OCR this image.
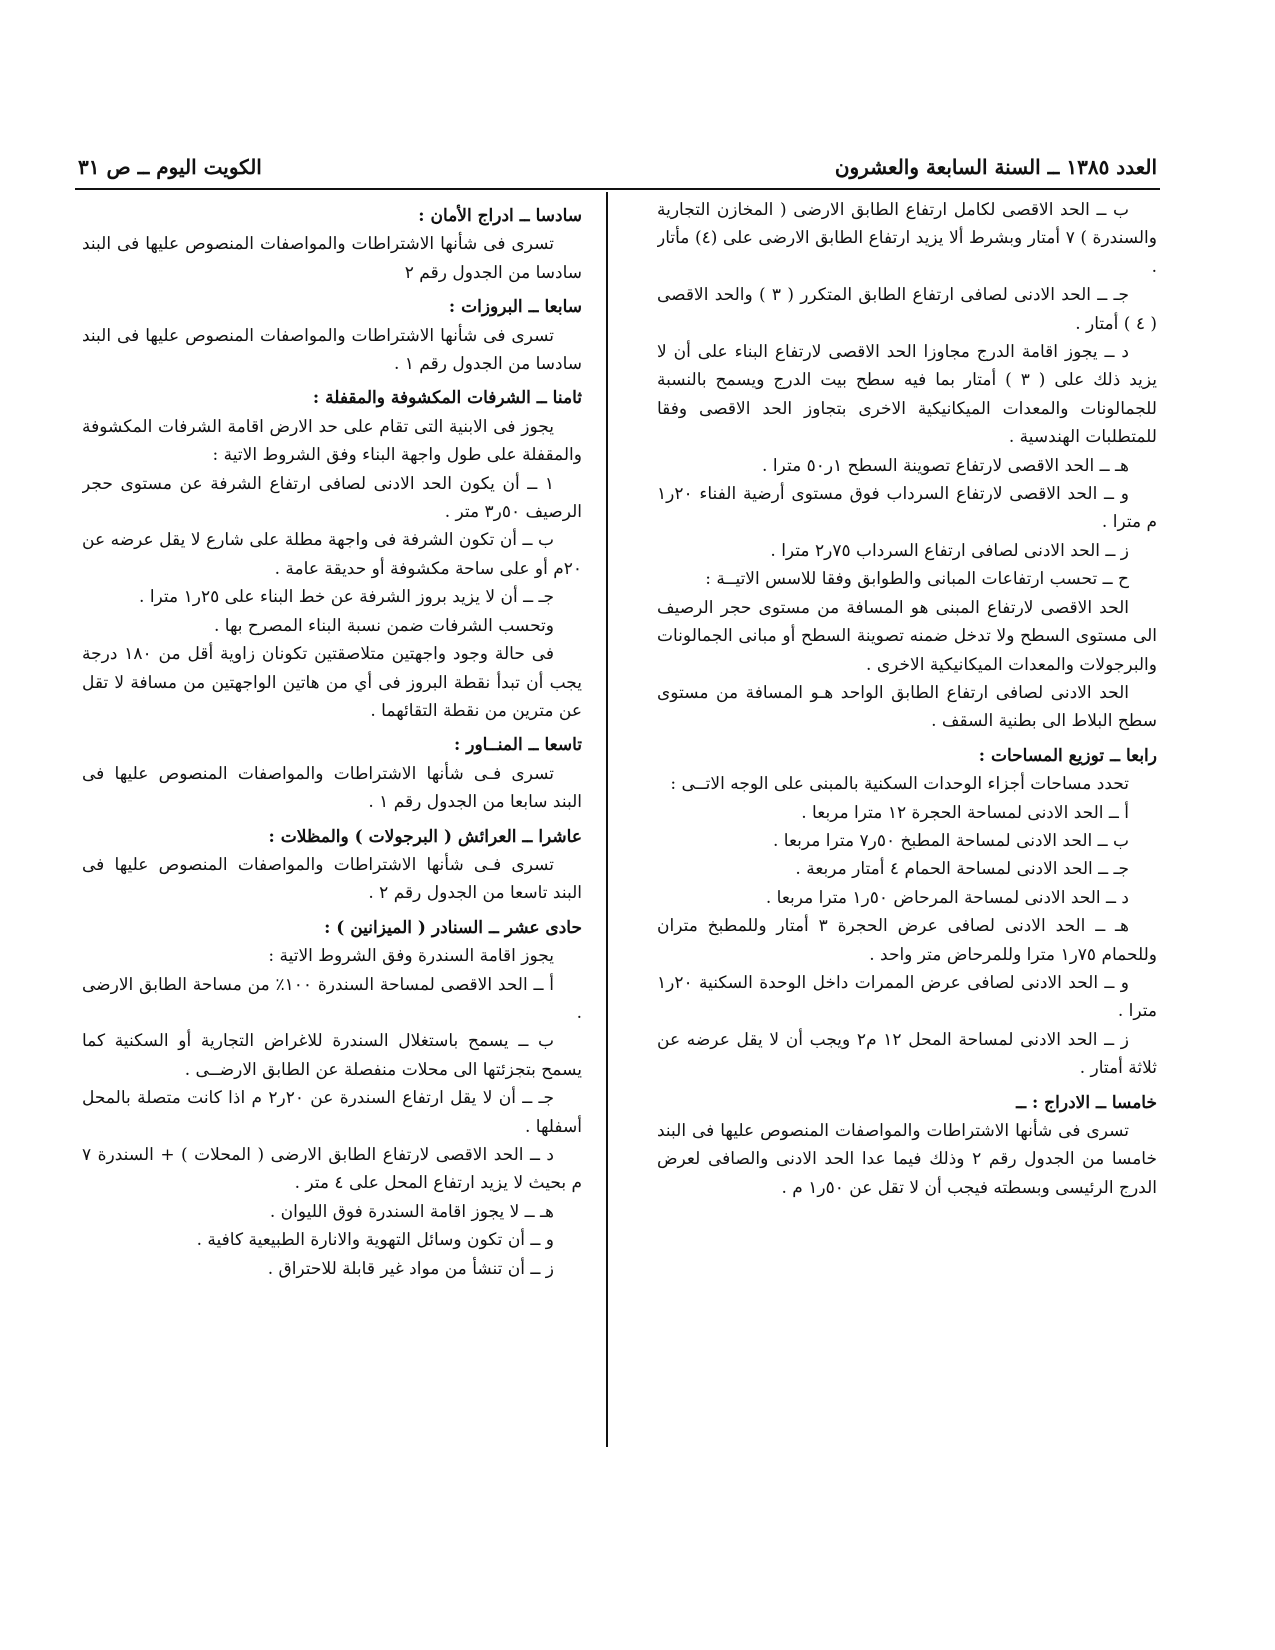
العدد ١٣٨٥ ــ السنة السابعة والعشرون
الكويت اليوم ــ ص ٣١

ب ــ الحد الاقصى لكامل ارتفاع الطابق الارضى ( المخازن التجارية والسندرة ) ٧ أمتار وبشرط ألا يزيد ارتفاع الطابق الارضى على (٤) مأتار .

جـ ــ الحد الادنى لصافى ارتفاع الطابق المتكرر ( ٣ ) والحد الاقصى ( ٤ ) أمتار .

د ــ يجوز اقامة الدرج مجاوزا الحد الاقصى لارتفاع البناء على أن لا يزيد ذلك على ( ٣ ) أمتار بما فيه سطح بيت الدرج ويسمح بالنسبة للجمالونات والمعدات الميكانيكية الاخرى بتجاوز الحد الاقصى وفقا للمتطلبات الهندسية .

هـ ــ الحد الاقصى لارتفاع تصوينة السطح ١ر٥٠ مترا .

و ــ الحد الاقصى لارتفاع السرداب فوق مستوى أرضية الفناء ٢٠ر١ م مترا .

ز ــ الحد الادنى لصافى ارتفاع السرداب ٧٥ر٢ مترا .

ح ــ تحسب ارتفاعات المبانى والطوابق وفقا للاسس الاتيــة :

الحد الاقصى لارتفاع المبنى هو المسافة من مستوى حجر الرصيف الى مستوى السطح ولا تدخل ضمنه تصوينة السطح أو مبانى الجمالونات والبرجولات والمعدات الميكانيكية الاخرى .

الحد الادنى لصافى ارتفاع الطابق الواحد هـو المسافة من مستوى سطح البلاط الى بطنية السقف .

رابعا ــ توزيع المساحات :

تحدد مساحات أجزاء الوحدات السكنية بالمبنى على الوجه الاتــى :

أ ــ الحد الادنى لمساحة الحجرة ١٢ مترا مربعا .

ب ــ الحد الادنى لمساحة المطبخ ٥٠ر٧ مترا مربعا .

جـ ــ الحد الادنى لمساحة الحمام ٤ أمتار مربعة .

د ــ الحد الادنى لمساحة المرحاض ٥٠ر١ مترا مربعا .

هـ ــ الحد الادنى لصافى عرض الحجرة ٣ أمتار وللمطبخ متران وللحمام ٧٥ر١ مترا وللمرحاض متر واحد .

و ــ الحد الادنى لصافى عرض الممرات داخل الوحدة السكنية ٢٠ر١ مترا .

ز ــ الحد الادنى لمساحة المحل ١٢ م٢ ويجب أن لا يقل عرضه عن ثلاثة أمتار .

خامسا ــ الادراج : ــ

تسرى فى شأنها الاشتراطات والمواصفات المنصوص عليها فى البند خامسا من الجدول رقم ٢ وذلك فيما عدا الحد الادنى والصافى لعرض الدرج الرئيسى وبسطته فيجب أن لا تقل عن ٥٠ر١ م .

سادسا ــ ادراج الأمان :

تسرى فى شأنها الاشتراطات والمواصفات المنصوص عليها فى البند سادسا من الجدول رقم ٢

سابعا ــ البروزات :

تسرى فى شأنها الاشتراطات والمواصفات المنصوص عليها فى البند سادسا من الجدول رقم ١ .

ثامنا ــ الشرفات المكشوفة والمقفلة :

يجوز فى الابنية التى تقام على حد الارض اقامة الشرفات المكشوفة والمقفلة على طول واجهة البناء وفق الشروط الاتية :

١ ــ أن يكون الحد الادنى لصافى ارتفاع الشرفة عن مستوى حجر الرصيف ٥٠ر٣ متر .

ب ــ أن تكون الشرفة فى واجهة مطلة على شارع لا يقل عرضه عن ٢٠م أو على ساحة مكشوفة أو حديقة عامة .

جـ ــ أن لا يزيد بروز الشرفة عن خط البناء على ٢٥ر١ مترا .

وتحسب الشرفات ضمن نسبة البناء المصرح بها .

فى حالة وجود واجهتين متلاصقتين تكونان زاوية أقل من ١٨٠ درجة يجب أن تبدأ نقطة البروز فى أي من هاتين الواجهتين من مسافة لا تقل عن مترين من نقطة التقائهما .

تاسعا ــ المنــاور :

تسرى فـى شأنها الاشتراطات والمواصفات المنصوص عليها فى البند سابعا من الجدول رقم ١ .

عاشرا ــ العرائش ( البرجولات ) والمظلات :

تسرى فـى شأنها الاشتراطات والمواصفات المنصوص عليها فى البند تاسعا من الجدول رقم ٢ .

حادى عشر ــ السنادر ( الميزانين ) :

يجوز اقامة السندرة وفق الشروط الاتية :

أ ــ الحد الاقصى لمساحة السندرة ١٠٠٪ من مساحة الطابق الارضى .

ب ــ يسمح باستغلال السندرة للاغراض التجارية أو السكنية كما يسمح بتجزئتها الى محلات منفصلة عن الطابق الارضــى .

جـ ــ أن لا يقل ارتفاع السندرة عن ٢٠ر٢ م اذا كانت متصلة بالمحل أسفلها .

د ــ الحد الاقصى لارتفاع الطابق الارضى ( المحلات ) + السندرة ٧ م بحيث لا يزيد ارتفاع المحل على ٤ متر .

هـ ــ لا يجوز اقامة السندرة فوق الليوان .

و ــ أن تكون وسائل التهوية والانارة الطبيعية كافية .

ز ــ أن تنشأ من مواد غير قابلة للاحتراق .
